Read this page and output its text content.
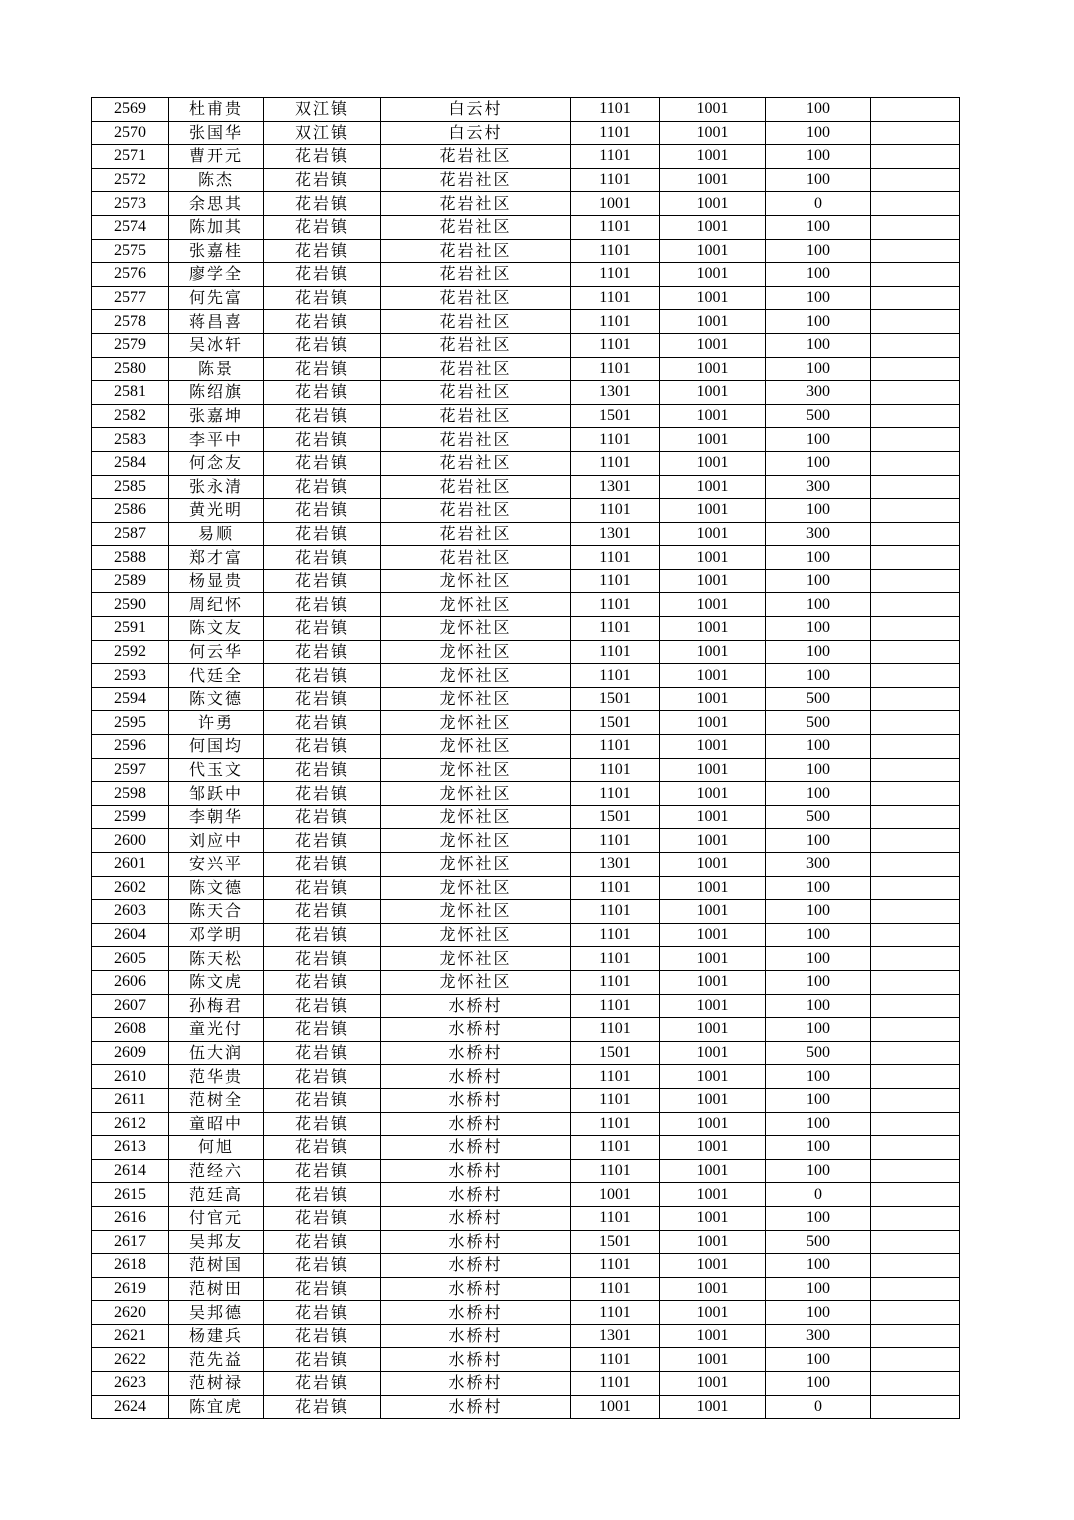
2569	杜甫贵	双江镇	白云村	1101	1001	100	
2570	张国华	双江镇	白云村	1101	1001	100	
2571	曹开元	花岩镇	花岩社区	1101	1001	100	
2572	陈杰	花岩镇	花岩社区	1101	1001	100	
2573	余思其	花岩镇	花岩社区	1001	1001	0	
2574	陈加其	花岩镇	花岩社区	1101	1001	100	
2575	张嘉桂	花岩镇	花岩社区	1101	1001	100	
2576	廖学全	花岩镇	花岩社区	1101	1001	100	
2577	何先富	花岩镇	花岩社区	1101	1001	100	
2578	蒋昌喜	花岩镇	花岩社区	1101	1001	100	
2579	吴冰轩	花岩镇	花岩社区	1101	1001	100	
2580	陈景	花岩镇	花岩社区	1101	1001	100	
2581	陈绍旗	花岩镇	花岩社区	1301	1001	300	
2582	张嘉坤	花岩镇	花岩社区	1501	1001	500	
2583	李平中	花岩镇	花岩社区	1101	1001	100	
2584	何念友	花岩镇	花岩社区	1101	1001	100	
2585	张永清	花岩镇	花岩社区	1301	1001	300	
2586	黄光明	花岩镇	花岩社区	1101	1001	100	
2587	易顺	花岩镇	花岩社区	1301	1001	300	
2588	郑才富	花岩镇	花岩社区	1101	1001	100	
2589	杨显贵	花岩镇	龙怀社区	1101	1001	100	
2590	周纪怀	花岩镇	龙怀社区	1101	1001	100	
2591	陈文友	花岩镇	龙怀社区	1101	1001	100	
2592	何云华	花岩镇	龙怀社区	1101	1001	100	
2593	代廷全	花岩镇	龙怀社区	1101	1001	100	
2594	陈文德	花岩镇	龙怀社区	1501	1001	500	
2595	许勇	花岩镇	龙怀社区	1501	1001	500	
2596	何国均	花岩镇	龙怀社区	1101	1001	100	
2597	代玉文	花岩镇	龙怀社区	1101	1001	100	
2598	邹跃中	花岩镇	龙怀社区	1101	1001	100	
2599	李朝华	花岩镇	龙怀社区	1501	1001	500	
2600	刘应中	花岩镇	龙怀社区	1101	1001	100	
2601	安兴平	花岩镇	龙怀社区	1301	1001	300	
2602	陈文德	花岩镇	龙怀社区	1101	1001	100	
2603	陈天合	花岩镇	龙怀社区	1101	1001	100	
2604	邓学明	花岩镇	龙怀社区	1101	1001	100	
2605	陈天松	花岩镇	龙怀社区	1101	1001	100	
2606	陈文虎	花岩镇	龙怀社区	1101	1001	100	
2607	孙梅君	花岩镇	水桥村	1101	1001	100	
2608	童光付	花岩镇	水桥村	1101	1001	100	
2609	伍大润	花岩镇	水桥村	1501	1001	500	
2610	范华贵	花岩镇	水桥村	1101	1001	100	
2611	范树全	花岩镇	水桥村	1101	1001	100	
2612	童昭中	花岩镇	水桥村	1101	1001	100	
2613	何旭	花岩镇	水桥村	1101	1001	100	
2614	范经六	花岩镇	水桥村	1101	1001	100	
2615	范廷高	花岩镇	水桥村	1001	1001	0	
2616	付官元	花岩镇	水桥村	1101	1001	100	
2617	吴邦友	花岩镇	水桥村	1501	1001	500	
2618	范树国	花岩镇	水桥村	1101	1001	100	
2619	范树田	花岩镇	水桥村	1101	1001	100	
2620	吴邦德	花岩镇	水桥村	1101	1001	100	
2621	杨建兵	花岩镇	水桥村	1301	1001	300	
2622	范先益	花岩镇	水桥村	1101	1001	100	
2623	范树禄	花岩镇	水桥村	1101	1001	100	
2624	陈宜虎	花岩镇	水桥村	1001	1001	0	
